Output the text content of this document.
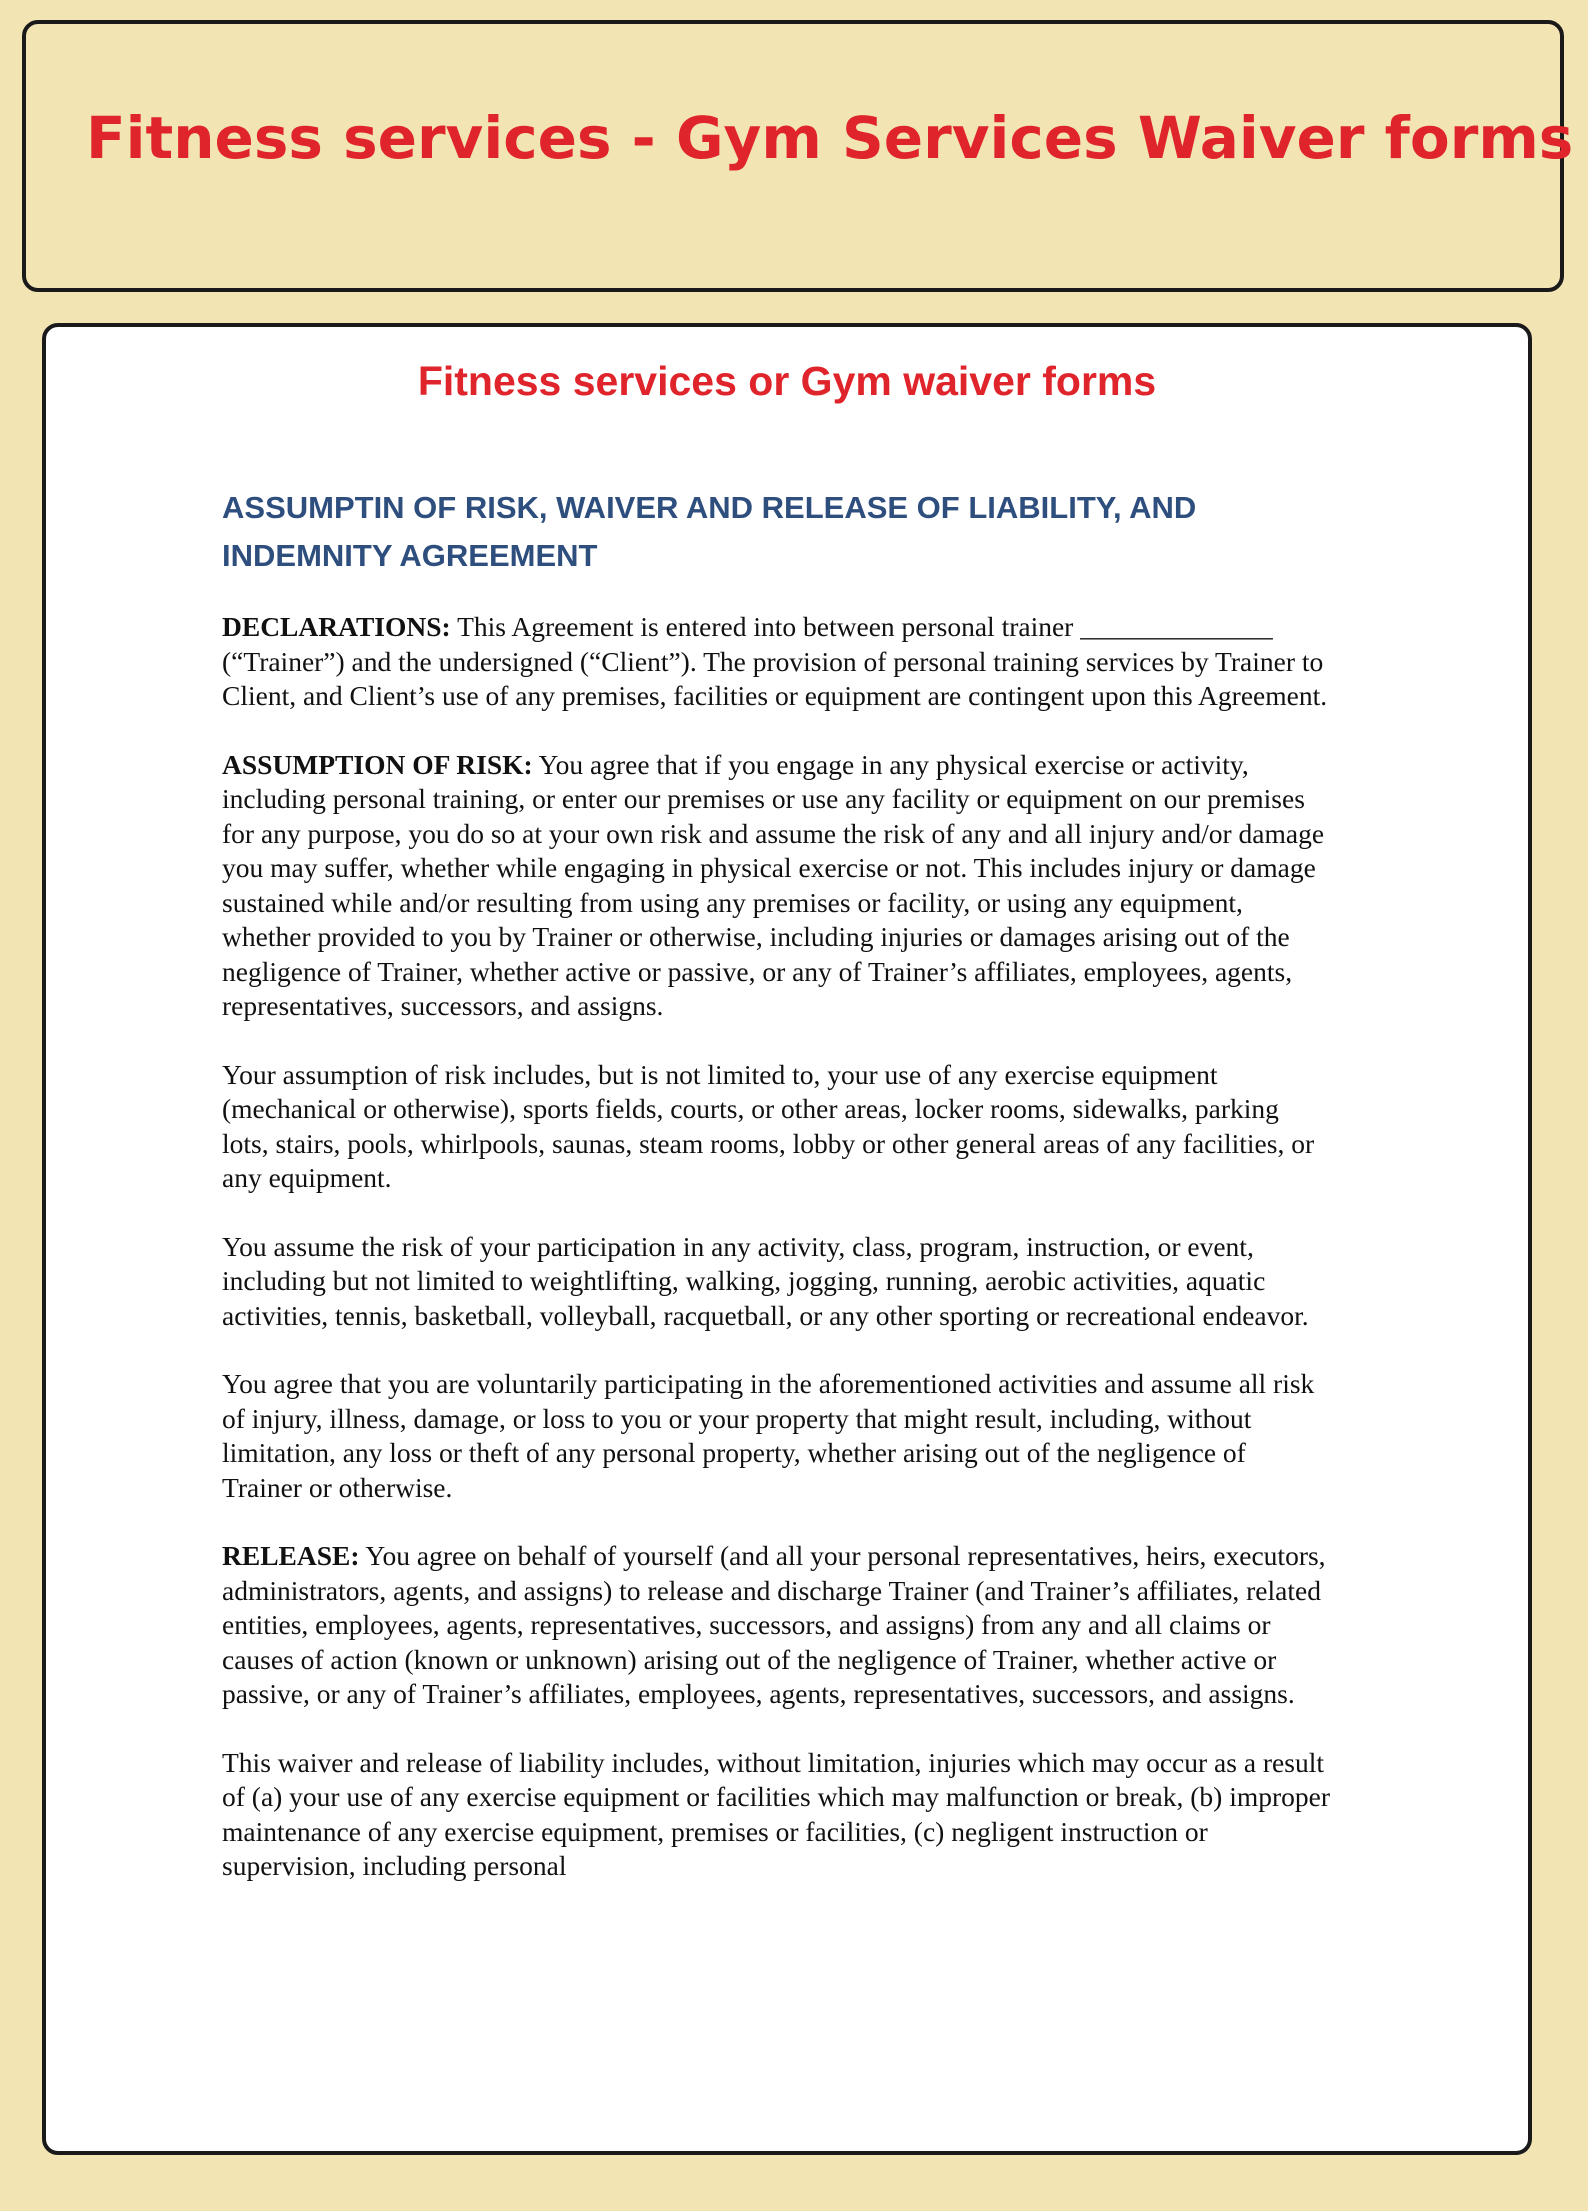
Fitness services - Gym Services Waiver forms
Fitness services or Gym waiver forms
ASSUMPTIN OF RISK, WAIVER AND RELEASE OF LIABILITY, AND INDEMNITY AGREEMENT

DECLARATIONS: This Agreement is entered into between personal trainer ______________ (“Trainer”) and the undersigned (“Client”). The provision of personal training services by Trainer to Client, and Client’s use of any premises, facilities or equipment are contingent upon this Agreement.

ASSUMPTION OF RISK: You agree that if you engage in any physical exercise or activity, including personal training, or enter our premises or use any facility or equipment on our premises for any purpose, you do so at your own risk and assume the risk of any and all injury and/or damage you may suffer, whether while engaging in physical exercise or not. This includes injury or damage sustained while and/or resulting from using any premises or facility, or using any equipment, whether provided to you by Trainer or otherwise, including injuries or damages arising out of the negligence of Trainer, whether active or passive, or any of Trainer’s affiliates, employees, agents, representatives, successors, and assigns.

Your assumption of risk includes, but is not limited to, your use of any exercise equipment (mechanical or otherwise), sports fields, courts, or other areas, locker rooms, sidewalks, parking lots, stairs, pools, whirlpools, saunas, steam rooms, lobby or other general areas of any facilities, or any equipment.

You assume the risk of your participation in any activity, class, program, instruction, or event, including but not limited to weightlifting, walking, jogging, running, aerobic activities, aquatic activities, tennis, basketball, volleyball, racquetball, or any other sporting or recreational endeavor.

You agree that you are voluntarily participating in the aforementioned activities and assume all risk of injury, illness, damage, or loss to you or your property that might result, including, without limitation, any loss or theft of any personal property, whether arising out of the negligence of Trainer or otherwise.

RELEASE: You agree on behalf of yourself (and all your personal representatives, heirs, executors, administrators, agents, and assigns) to release and discharge Trainer (and Trainer’s affiliates, related entities, employees, agents, representatives, successors, and assigns) from any and all claims or causes of action (known or unknown) arising out of the negligence of Trainer, whether active or passive, or any of Trainer’s affiliates, employees, agents, representatives, successors, and assigns.

This waiver and release of liability includes, without limitation, injuries which may occur as a result of (a) your use of any exercise equipment or facilities which may malfunction or break, (b) improper maintenance of any exercise equipment, premises or facilities, (c) negligent instruction or supervision, including personal
